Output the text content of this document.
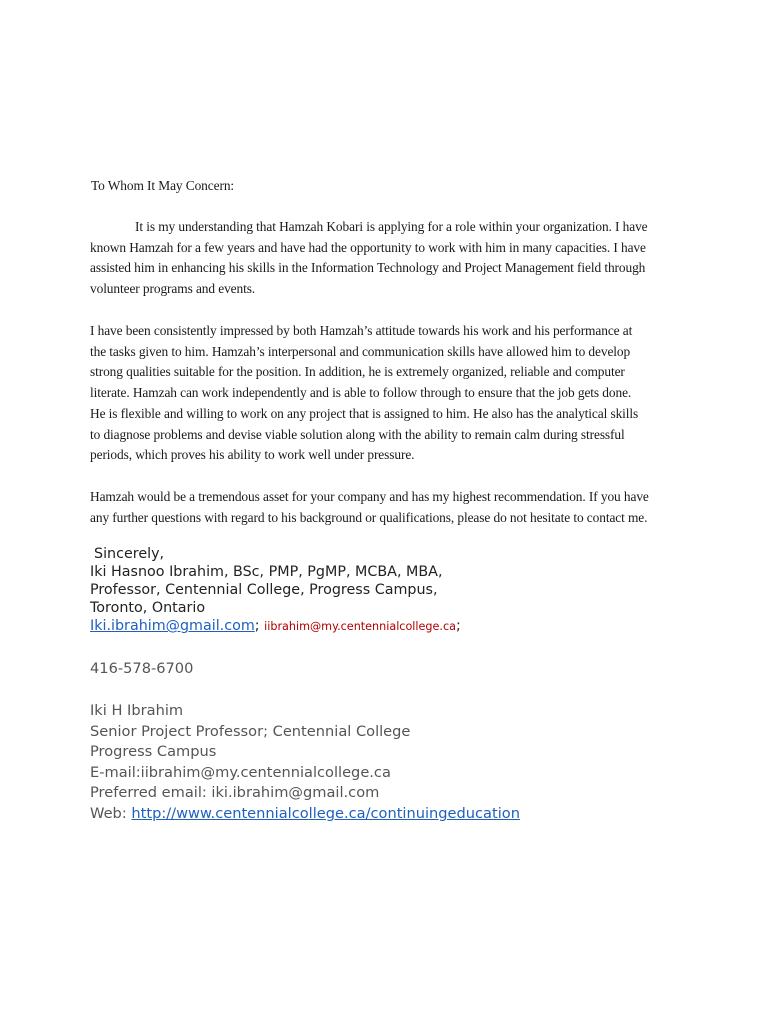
To Whom It May Concern:
It is my understanding that Hamzah Kobari is applying for a role within your organization. I have
known Hamzah for a few years and have had the opportunity to work with him in many capacities. I have
assisted him in enhancing his skills in the Information Technology and Project Management field through
volunteer programs and events.
I have been consistently impressed by both Hamzah’s attitude towards his work and his performance at
the tasks given to him. Hamzah’s interpersonal and communication skills have allowed him to develop
strong qualities suitable for the position. In addition, he is extremely organized, reliable and computer
literate. Hamzah can work independently and is able to follow through to ensure that the job gets done.
He is flexible and willing to work on any project that is assigned to him. He also has the analytical skills
to diagnose problems and devise viable solution along with the ability to remain calm during stressful
periods, which proves his ability to work well under pressure.
Hamzah would be a tremendous asset for your company and has my highest recommendation. If you have
any further questions with regard to his background or qualifications, please do not hesitate to contact me.
Sincerely,
Iki Hasnoo Ibrahim, BSc, PMP, PgMP, MCBA, MBA,
Professor, Centennial College, Progress Campus,
Toronto, Ontario
Iki.ibrahim@gmail.com; iibrahim@my.centennialcollege.ca;
416-578-6700
Iki H Ibrahim
Senior Project Professor; Centennial College
Progress Campus
E-mail:iibrahim@my.centennialcollege.ca
Preferred email: iki.ibrahim@gmail.com
Web: http://www.centennialcollege.ca/continuingeducation
